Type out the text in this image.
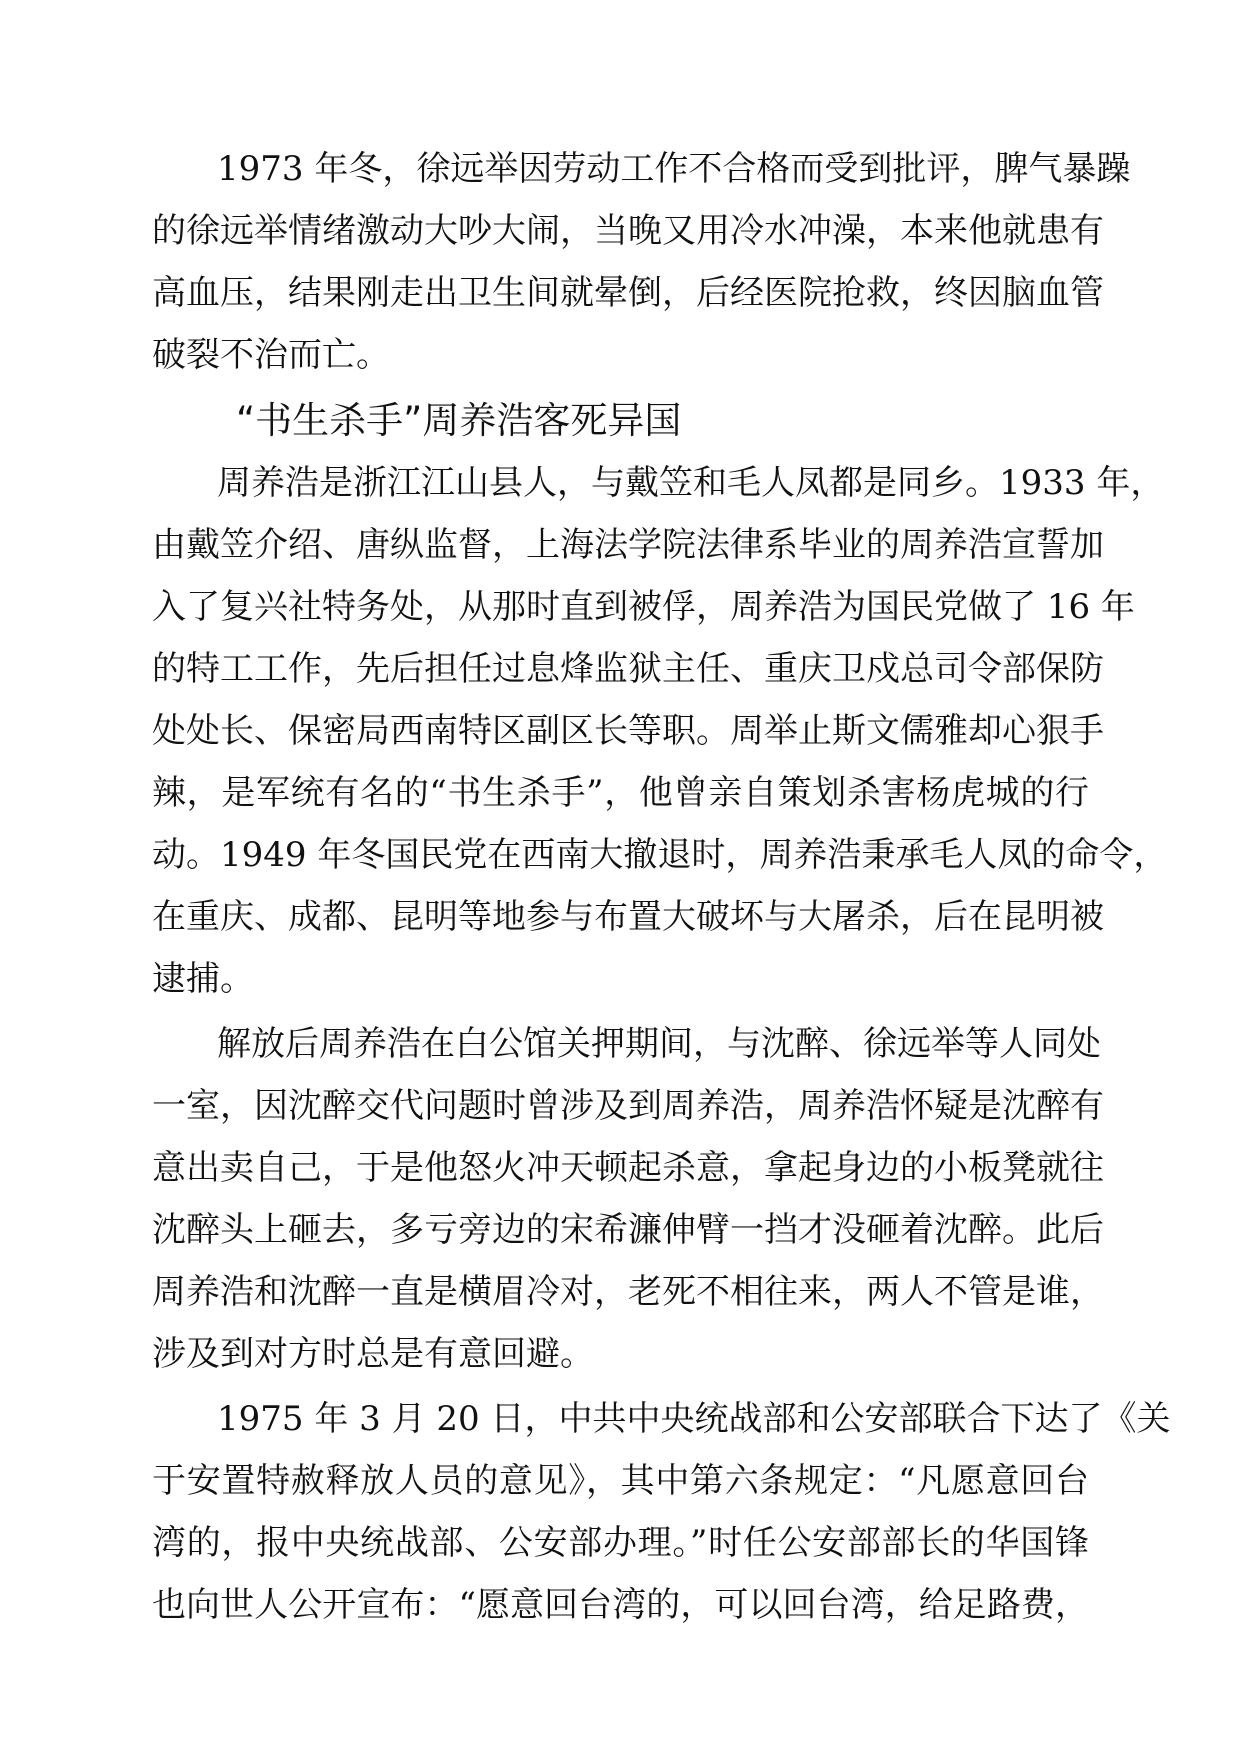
1973 年冬，徐远举因劳动工作不合格而受到批评，脾气暴躁
的徐远举情绪激动大吵大闹，当晚又用冷水冲澡，本来他就患有
高血压，结果刚走出卫生间就晕倒，后经医院抢救，终因脑血管
破裂不治而亡。
“书生杀手”周养浩客死异国
周养浩是浙江江山县人，与戴笠和毛人凤都是同乡。1933 年，
由戴笠介绍、唐纵监督，上海法学院法律系毕业的周养浩宣誓加
入了复兴社特务处，从那时直到被俘，周养浩为国民党做了 16 年
的特工工作，先后担任过息烽监狱主任、重庆卫戍总司令部保防
处处长、保密局西南特区副区长等职。周举止斯文儒雅却心狠手
辣，是军统有名的“书生杀手”，他曾亲自策划杀害杨虎城的行
动。1949 年冬国民党在西南大撤退时，周养浩秉承毛人凤的命令，
在重庆、成都、昆明等地参与布置大破坏与大屠杀，后在昆明被
逮捕。
解放后周养浩在白公馆关押期间，与沈醉、徐远举等人同处
一室，因沈醉交代问题时曾涉及到周养浩，周养浩怀疑是沈醉有
意出卖自己，于是他怒火冲天顿起杀意，拿起身边的小板凳就往
沈醉头上砸去，多亏旁边的宋希濂伸臂一挡才没砸着沈醉。此后
周养浩和沈醉一直是横眉冷对，老死不相往来，两人不管是谁，
涉及到对方时总是有意回避。
1975 年 3 月 20 日，中共中央统战部和公安部联合下达了《关
于安置特赦释放人员的意见》，其中第六条规定：“凡愿意回台
湾的，报中央统战部、公安部办理。”时任公安部部长的华国锋
也向世人公开宣布：“愿意回台湾的，可以回台湾，给足路费，
